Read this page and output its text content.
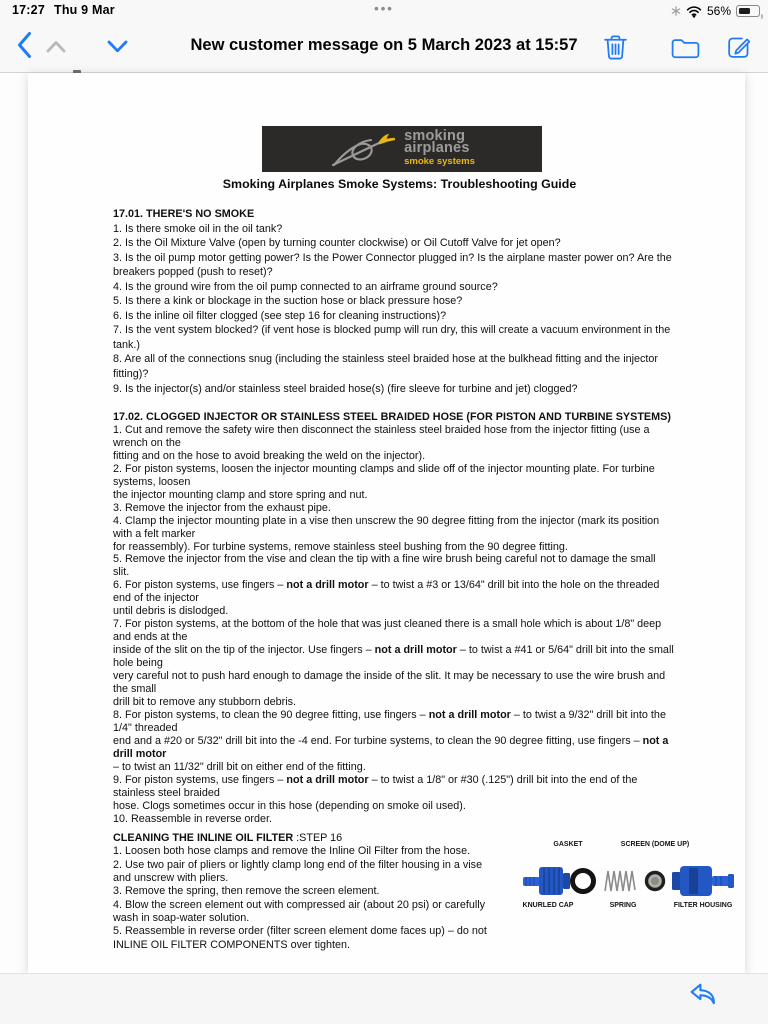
17:27 Thu 9 Mar	•••	56%
New customer message on 5 March 2023 at 15:57
smoking
airplanes
smoke systems
Smoking Airplanes Smoke Systems: Troubleshooting Guide
17.01. THERE'S NO SMOKE
1. Is there smoke oil in the oil tank?
2. Is the Oil Mixture Valve (open by turning counter clockwise) or Oil Cutoff Valve for jet open?
3. Is the oil pump motor getting power? Is the Power Connector plugged in? Is the airplane master power on? Are the
breakers popped (push to reset)?
4. Is the ground wire from the oil pump connected to an airframe ground source?
5. Is there a kink or blockage in the suction hose or black pressure hose?
6. Is the inline oil filter clogged (see step 16 for cleaning instructions)?
7. Is the vent system blocked? (if vent hose is blocked pump will run dry, this will create a vacuum environment in the
tank.)
8. Are all of the connections snug (including the stainless steel braided hose at the bulkhead fitting and the injector
fitting)?
9. Is the injector(s) and/or stainless steel braided hose(s) (fire sleeve for turbine and jet) clogged?
17.02. CLOGGED INJECTOR OR STAINLESS STEEL BRAIDED HOSE (FOR PISTON AND TURBINE SYSTEMS)
1. Cut and remove the safety wire then disconnect the stainless steel braided hose from the injector fitting (use a
wrench on the
fitting and on the hose to avoid breaking the weld on the injector).
2. For piston systems, loosen the injector mounting clamps and slide off of the injector mounting plate. For turbine
systems, loosen
the injector mounting clamp and store spring and nut.
3. Remove the injector from the exhaust pipe.
4. Clamp the injector mounting plate in a vise then unscrew the 90 degree fitting from the injector (mark its position
with a felt marker
for reassembly). For turbine systems, remove stainless steel bushing from the 90 degree fitting.
5. Remove the injector from the vise and clean the tip with a fine wire brush being careful not to damage the small
slit.
6. For piston systems, use fingers – not a drill motor – to twist a #3 or 13/64" drill bit into the hole on the threaded
end of the injector
until debris is dislodged.
7. For piston systems, at the bottom of the hole that was just cleaned there is a small hole which is about 1/8" deep
and ends at the
inside of the slit on the tip of the injector. Use fingers – not a drill motor – to twist a #41 or 5/64" drill bit into the small
hole being
very careful not to push hard enough to damage the inside of the slit. It may be necessary to use the wire brush and
the small
drill bit to remove any stubborn debris.
8. For piston systems, to clean the 90 degree fitting, use fingers – not a drill motor – to twist a 9/32" drill bit into the
1/4" threaded
end and a #20 or 5/32" drill bit into the -4 end. For turbine systems, to clean the 90 degree fitting, use fingers – not a
drill motor
– to twist an 11/32" drill bit on either end of the fitting.
9. For piston systems, use fingers – not a drill motor – to twist a 1/8" or #30 (.125") drill bit into the end of the
stainless steel braided
hose. Clogs sometimes occur in this hose (depending on smoke oil used).
10. Reassemble in reverse order.
CLEANING THE INLINE OIL FILTER :STEP 16
1. Loosen both hose clamps and remove the Inline Oil Filter from the hose.
2. Use two pair of pliers or lightly clamp long end of the filter housing in a vise
and unscrew with pliers.
3. Remove the spring, then remove the screen element.
4. Blow the screen element out with compressed air (about 20 psi) or carefully
wash in soap-water solution.
5. Reassemble in reverse order (filter screen element dome faces up) – do not
INLINE OIL FILTER COMPONENTS over tighten.
GASKET	SCREEN (DOME UP)
KNURLED CAP	SPRING	FILTER HOUSING
